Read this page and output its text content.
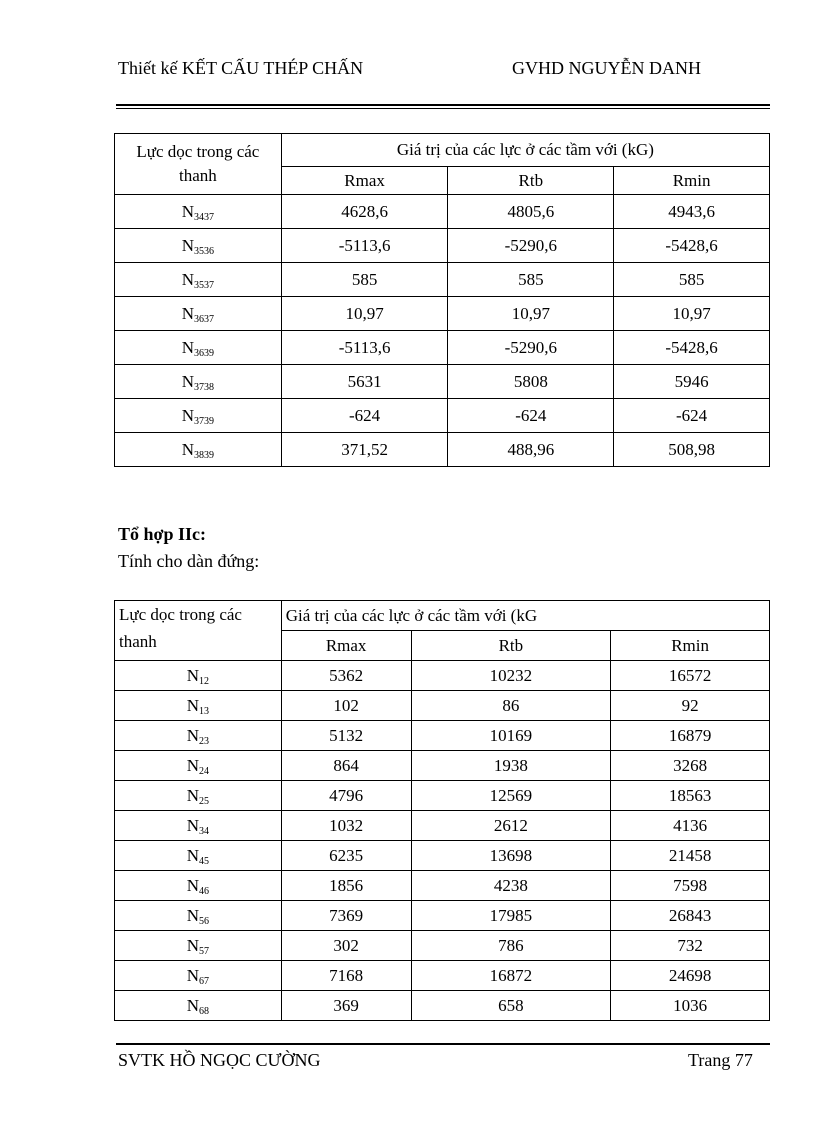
Thiết kế KẾT CẤU THÉP CHẤN	GVHD NGUYỄN DANH
Lực dọc trong các thanh	Giá trị của các lực ở các tầm với (kG)		
	Rmax	Rtb	Rmin
$N_{3437}$	4628,6	4805,6	4943,6
$N_{3536}$	-5113,6	-5290,6	-5428,6
$N_{3537}$	585	585	585
$N_{3637}$	10,97	10,97	10,97
$N_{3639}$	-5113,6	-5290,6	-5428,6
$N_{3738}$	5631	5808	5946
$N_{3739}$	-624	-624	-624
$N_{3839}$	371,52	488,96	508,98
Tổ hợp IIc:
Tính cho dàn đứng:
Lực dọc trong các thanh	Giá trị của các lực ở các tầm với (kG		
	Rmax	Rtb	Rmin
$N_{12}$	5362	10232	16572
$N_{13}$	102	86	92
$N_{23}$	5132	10169	16879
$N_{24}$	864	1938	3268
$N_{25}$	4796	12569	18563
$N_{34}$	1032	2612	4136
$N_{45}$	6235	13698	21458
$N_{46}$	1856	4238	7598
$N_{56}$	7369	17985	26843
$N_{57}$	302	786	732
$N_{67}$	7168	16872	24698
$N_{68}$	369	658	1036
SVTK HỒ NGỌC CƯỜNG	Trang 77
